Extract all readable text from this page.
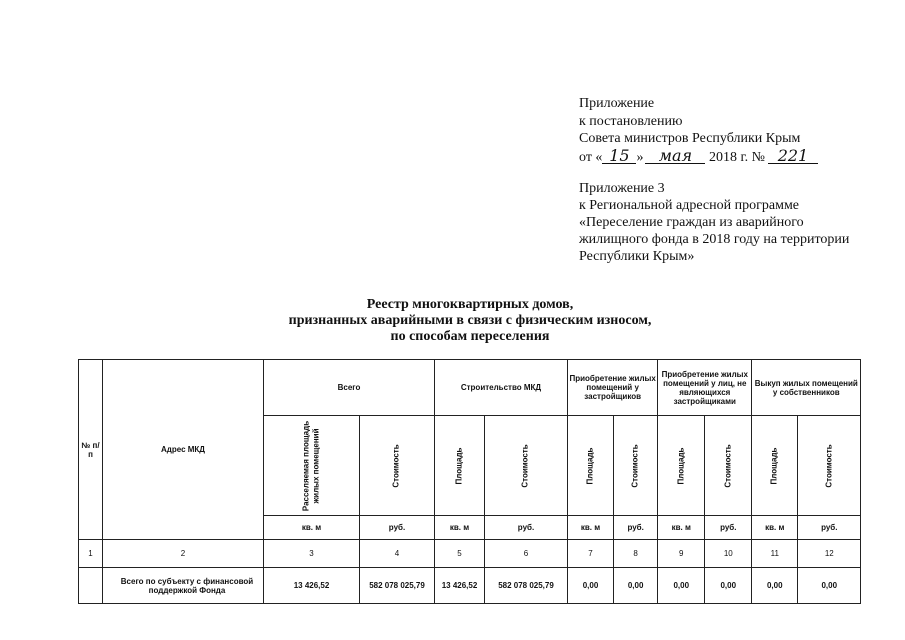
Приложение
к постановлению
Совета министров Республики Крым
от « 15 » мая 2018 г. № 221
Приложение 3
к Региональной адресной программе
«Переселение граждан из аварийного
жилищного фонда в 2018 году на территории
Республики Крым»
Реестр многоквартирных домов,
признанных аварийными в связи с физическим износом,
по способам переселения
№ п/п	Адрес МКД	Всего		Строительство МКД		Приобретение жилых помещений у застройщиков		Приобретение жилых помещений у лиц, не являющихся застройщиками		Выкуп жилых помещений у собственников	
		Расселяемая площадь жилых помещений	Стоимость	Площадь	Стоимость	Площадь	Стоимость	Площадь	Стоимость	Площадь	Стоимость
		кв. м	руб.	кв. м	руб.	кв. м	руб.	кв. м	руб.	кв. м	руб.
1	2	3	4	5	6	7	8	9	10	11	12
	Всего по субъекту с финансовой поддержкой Фонда	13 426,52	582 078 025,79	13 426,52	582 078 025,79	0,00	0,00	0,00	0,00	0,00	0,00
